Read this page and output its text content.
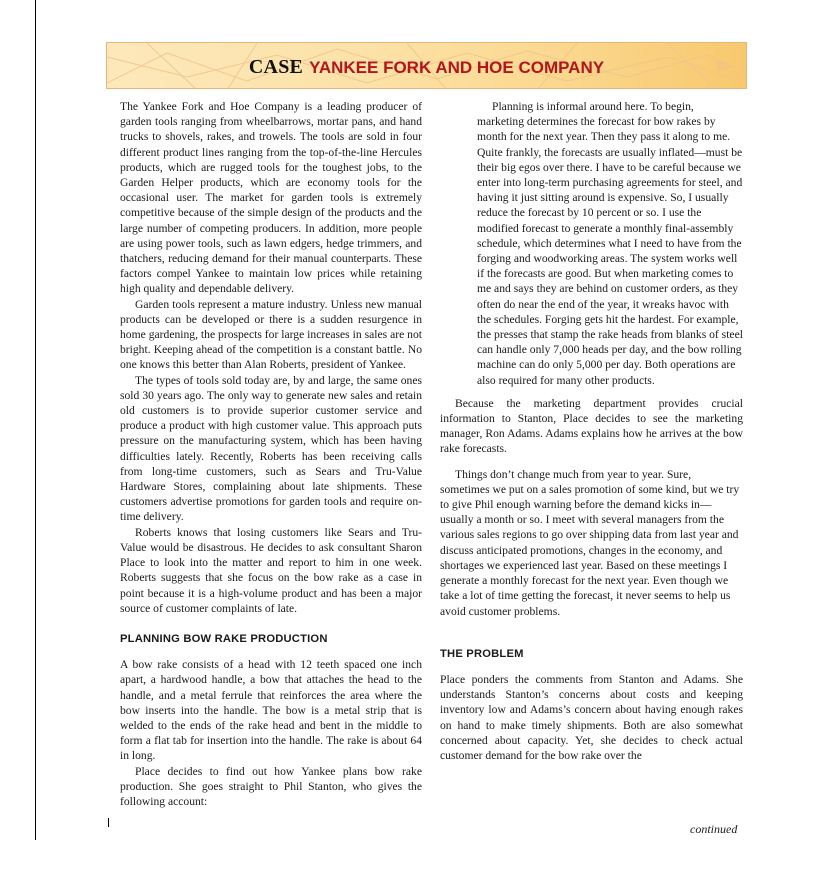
CASE YANKEE FORK AND HOE COMPANY

The Yankee Fork and Hoe Company is a leading producer of garden tools ranging from wheelbarrows, mortar pans, and hand trucks to shovels, rakes, and trowels. The tools are sold in four different product lines ranging from the top-of-the-line Hercules products, which are rugged tools for the toughest jobs, to the Garden Helper products, which are economy tools for the occasional user. The market for garden tools is extremely competitive because of the simple design of the products and the large number of competing producers. In addition, more people are using power tools, such as lawn edgers, hedge trimmers, and thatchers, reducing demand for their manual counterparts. These factors compel Yankee to maintain low prices while retaining high quality and dependable delivery.

Garden tools represent a mature industry. Unless new manual products can be developed or there is a sudden resurgence in home gardening, the prospects for large increases in sales are not bright. Keeping ahead of the competition is a constant battle. No one knows this better than Alan Roberts, president of Yankee.

The types of tools sold today are, by and large, the same ones sold 30 years ago. The only way to generate new sales and retain old customers is to provide superior customer service and produce a product with high customer value. This approach puts pressure on the manufacturing system, which has been having difficulties lately. Recently, Roberts has been receiving calls from long-time customers, such as Sears and Tru-Value Hardware Stores, complaining about late shipments. These customers advertise promotions for garden tools and require on-time delivery.

Roberts knows that losing customers like Sears and Tru-Value would be disastrous. He decides to ask consultant Sharon Place to look into the matter and report to him in one week. Roberts suggests that she focus on the bow rake as a case in point because it is a high-volume product and has been a major source of customer complaints of late.

PLANNING BOW RAKE PRODUCTION

A bow rake consists of a head with 12 teeth spaced one inch apart, a hardwood handle, a bow that attaches the head to the handle, and a metal ferrule that reinforces the area where the bow inserts into the handle. The bow is a metal strip that is welded to the ends of the rake head and bent in the middle to form a flat tab for insertion into the handle. The rake is about 64 in long.

Place decides to find out how Yankee plans bow rake production. She goes straight to Phil Stanton, who gives the following account:

Planning is informal around here. To begin, marketing determines the forecast for bow rakes by month for the next year. Then they pass it along to me. Quite frankly, the forecasts are usually inflated—must be their big egos over there. I have to be careful because we enter into long-term purchasing agreements for steel, and having it just sitting around is expensive. So, I usually reduce the forecast by 10 percent or so. I use the modified forecast to generate a monthly final-assembly schedule, which determines what I need to have from the forging and woodworking areas. The system works well if the forecasts are good. But when marketing comes to me and says they are behind on customer orders, as they often do near the end of the year, it wreaks havoc with the schedules. Forging gets hit the hardest. For example, the presses that stamp the rake heads from blanks of steel can handle only 7,000 heads per day, and the bow rolling machine can do only 5,000 per day. Both operations are also required for many other products.

Because the marketing department provides crucial information to Stanton, Place decides to see the marketing manager, Ron Adams. Adams explains how he arrives at the bow rake forecasts.

Things don’t change much from year to year. Sure, sometimes we put on a sales promotion of some kind, but we try to give Phil enough warning before the demand kicks in—usually a month or so. I meet with several managers from the various sales regions to go over shipping data from last year and discuss anticipated promotions, changes in the economy, and shortages we experienced last year. Based on these meetings I generate a monthly forecast for the next year. Even though we take a lot of time getting the forecast, it never seems to help us avoid customer problems.

THE PROBLEM

Place ponders the comments from Stanton and Adams. She understands Stanton’s concerns about costs and keeping inventory low and Adams’s concern about having enough rakes on hand to make timely shipments. Both are also somewhat concerned about capacity. Yet, she decides to check actual customer demand for the bow rake over the

continued
